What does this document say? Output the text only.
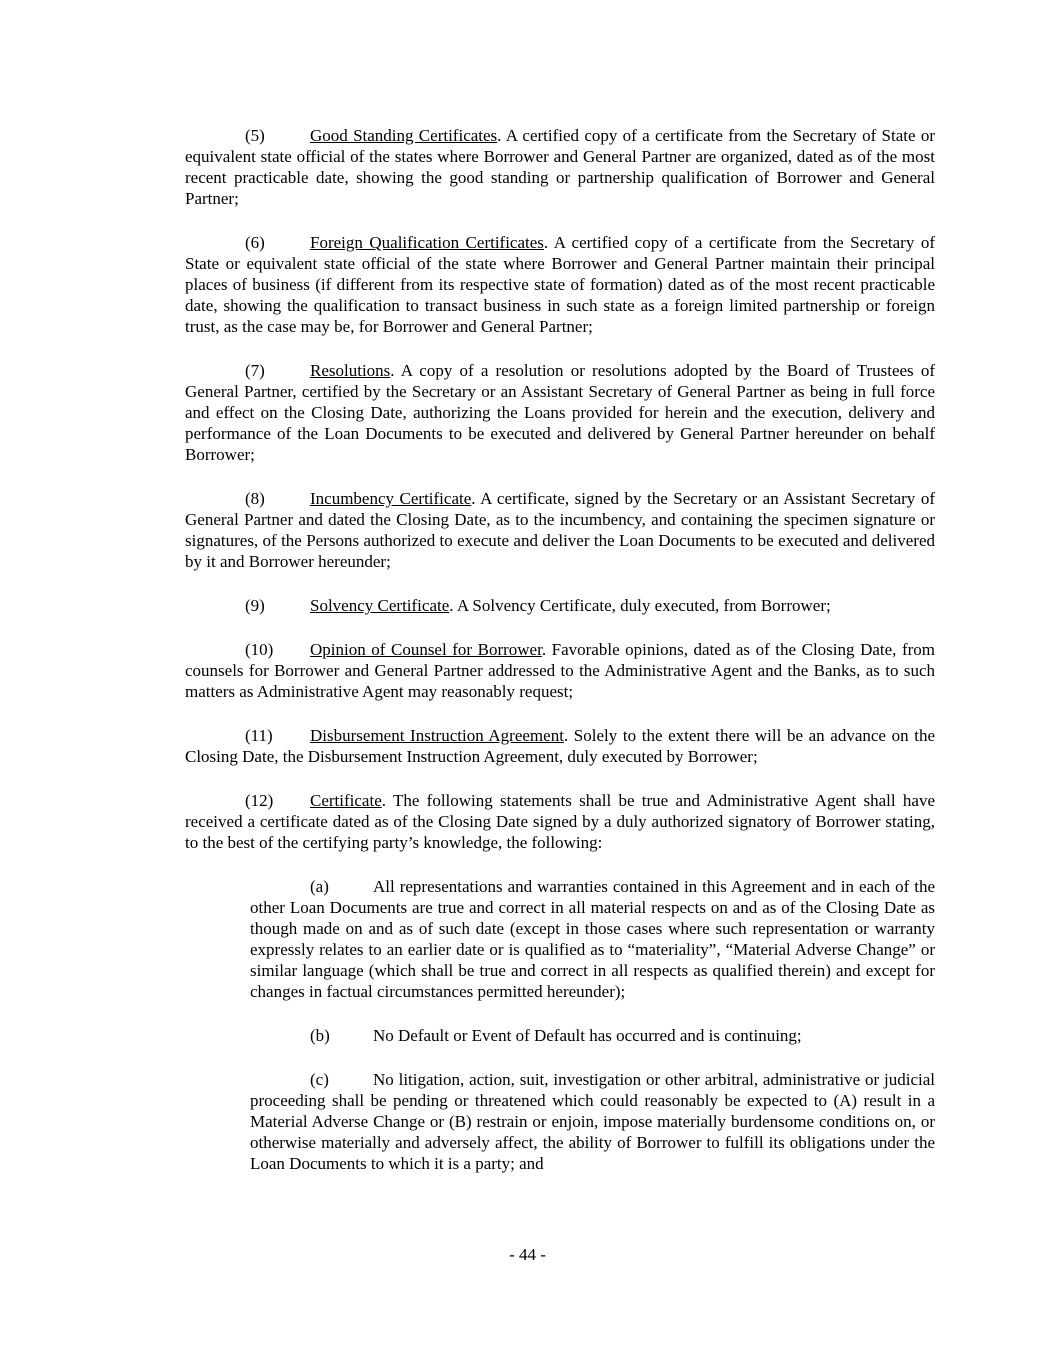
(5)	Good Standing Certificates. A certified copy of a certificate from the Secretary of State or equivalent state official of the states where Borrower and General Partner are organized, dated as of the most recent practicable date, showing the good standing or partnership qualification of Borrower and General Partner;

(6)	Foreign Qualification Certificates. A certified copy of a certificate from the Secretary of State or equivalent state official of the state where Borrower and General Partner maintain their principal places of business (if different from its respective state of formation) dated as of the most recent practicable date, showing the qualification to transact business in such state as a foreign limited partnership or foreign trust, as the case may be, for Borrower and General Partner;

(7)	Resolutions. A copy of a resolution or resolutions adopted by the Board of Trustees of General Partner, certified by the Secretary or an Assistant Secretary of General Partner as being in full force and effect on the Closing Date, authorizing the Loans provided for herein and the execution, delivery and performance of the Loan Documents to be executed and delivered by General Partner hereunder on behalf Borrower;

(8)	Incumbency Certificate. A certificate, signed by the Secretary or an Assistant Secretary of General Partner and dated the Closing Date, as to the incumbency, and containing the specimen signature or signatures, of the Persons authorized to execute and deliver the Loan Documents to be executed and delivered by it and Borrower hereunder;

(9)	Solvency Certificate. A Solvency Certificate, duly executed, from Borrower;

(10) Opinion of Counsel for Borrower. Favorable opinions, dated as of the Closing Date, from counsels for Borrower and General Partner addressed to the Administrative Agent and the Banks, as to such matters as Administrative Agent may reasonably request;

(11) Disbursement Instruction Agreement. Solely to the extent there will be an advance on the Closing Date, the Disbursement Instruction Agreement, duly executed by Borrower;

(12) Certificate. The following statements shall be true and Administrative Agent shall have received a certificate dated as of the Closing Date signed by a duly authorized signatory of Borrower stating, to the best of the certifying party’s knowledge, the following:

(a)	All representations and warranties contained in this Agreement and in each of the other Loan Documents are true and correct in all material respects on and as of the Closing Date as though made on and as of such date (except in those cases where such representation or warranty expressly relates to an earlier date or is qualified as to “materiality”, “Material Adverse Change” or similar language (which shall be true and correct in all respects as qualified therein) and except for changes in factual circumstances permitted hereunder);

(b)	No Default or Event of Default has occurred and is continuing;

(c)	No litigation, action, suit, investigation or other arbitral, administrative or judicial proceeding shall be pending or threatened which could reasonably be expected to (A) result in a Material Adverse Change or (B) restrain or enjoin, impose materially burdensome conditions on, or otherwise materially and adversely affect, the ability of Borrower to fulfill its obligations under the Loan Documents to which it is a party; and

- 44 -
